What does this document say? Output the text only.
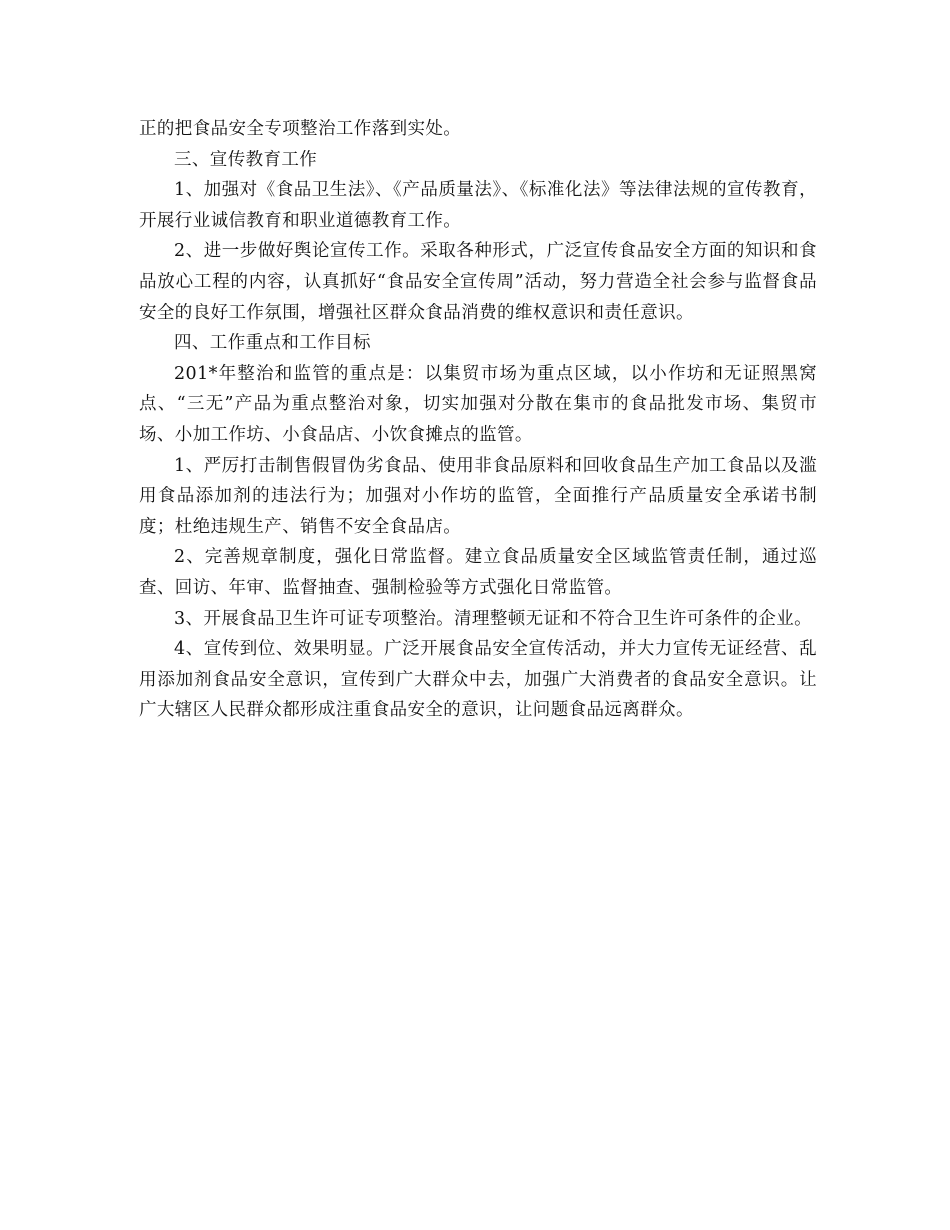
正的把食品安全专项整治工作落到实处。

三、宣传教育工作

1、加强对《食品卫生法》、《产品质量法》、《标准化法》等法律法规的宣传教育，开展行业诚信教育和职业道德教育工作。

2、进一步做好舆论宣传工作。采取各种形式，广泛宣传食品安全方面的知识和食品放心工程的内容，认真抓好“食品安全宣传周”活动，努力营造全社会参与监督食品安全的良好工作氛围，增强社区群众食品消费的维权意识和责任意识。

四、工作重点和工作目标

201*年整治和监管的重点是：以集贸市场为重点区域，以小作坊和无证照黑窝点、“三无”产品为重点整治对象，切实加强对分散在集市的食品批发市场、集贸市场、小加工作坊、小食品店、小饮食摊点的监管。

1、严厉打击制售假冒伪劣食品、使用非食品原料和回收食品生产加工食品以及滥用食品添加剂的违法行为；加强对小作坊的监管，全面推行产品质量安全承诺书制度；杜绝违规生产、销售不安全食品店。

2、完善规章制度，强化日常监督。建立食品质量安全区域监管责任制，通过巡查、回访、年审、监督抽查、强制检验等方式强化日常监管。

3、开展食品卫生许可证专项整治。清理整顿无证和不符合卫生许可条件的企业。

4、宣传到位、效果明显。广泛开展食品安全宣传活动，并大力宣传无证经营、乱用添加剂食品安全意识，宣传到广大群众中去，加强广大消费者的食品安全意识。让广大辖区人民群众都形成注重食品安全的意识，让问题食品远离群众。
